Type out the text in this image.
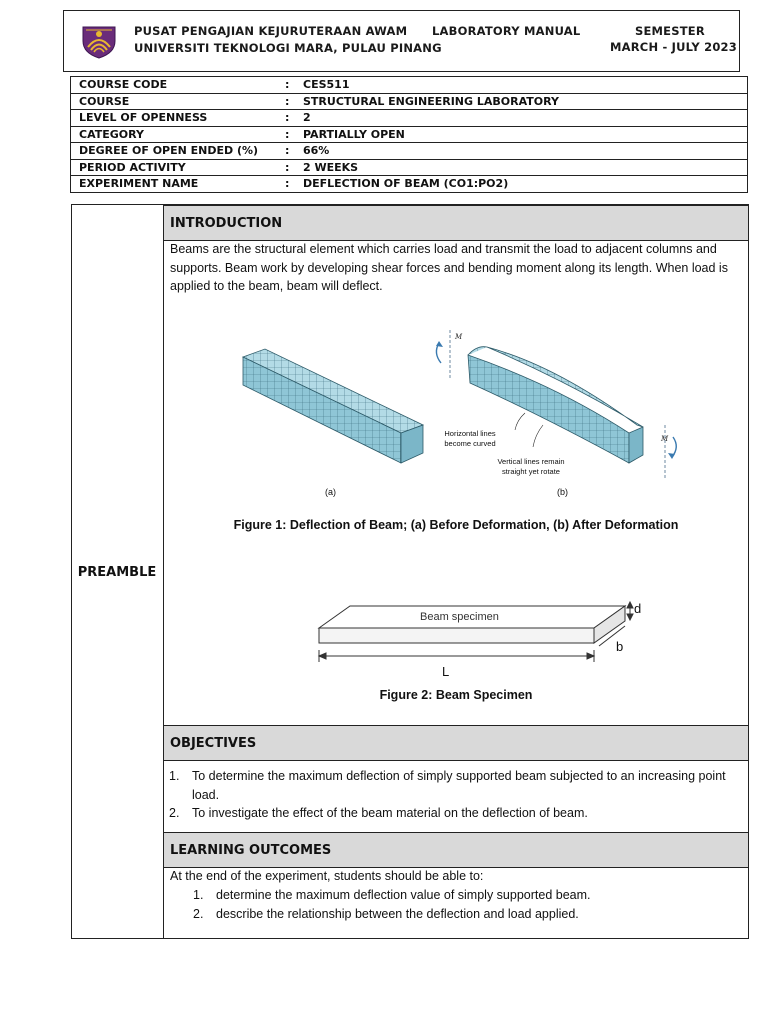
PUSAT PENGAJIAN KEJURUTERAAN AWAM
UNIVERSITI TEKNOLOGI MARA, PULAU PINANG
LABORATORY MANUAL	SEMESTER
MARCH - JULY 2023
COURSE CODE	:	CES511
COURSE	:	STRUCTURAL ENGINEERING LABORATORY
LEVEL OF OPENNESS	:	2
CATEGORY	:	PARTIALLY OPEN
DEGREE OF OPEN ENDED (%)	:	66%
PERIOD ACTIVITY	:	2 WEEKS
EXPERIMENT NAME	:	DEFLECTION OF BEAM (CO1:PO2)
PREAMBLE
INTRODUCTION
Beams are the structural element which carries load and transmit the load to adjacent columns and supports. Beam work by developing shear forces and bending moment along its length. When load is applied to the beam, beam will deflect.
M
M
Horizontal lines become curved
Vertical lines remain straight yet rotate
(a)	(b)
Figure 1: Deflection of Beam; (a) Before Deformation, (b) After Deformation
Beam specimen
d
b
L
Figure 2: Beam Specimen
OBJECTIVES
1. To determine the maximum deflection of simply supported beam subjected to an increasing point load.
2. To investigate the effect of the beam material on the deflection of beam.
LEARNING OUTCOMES
At the end of the experiment, students should be able to:
1. determine the maximum deflection value of simply supported beam.
2. describe the relationship between the deflection and load applied.
